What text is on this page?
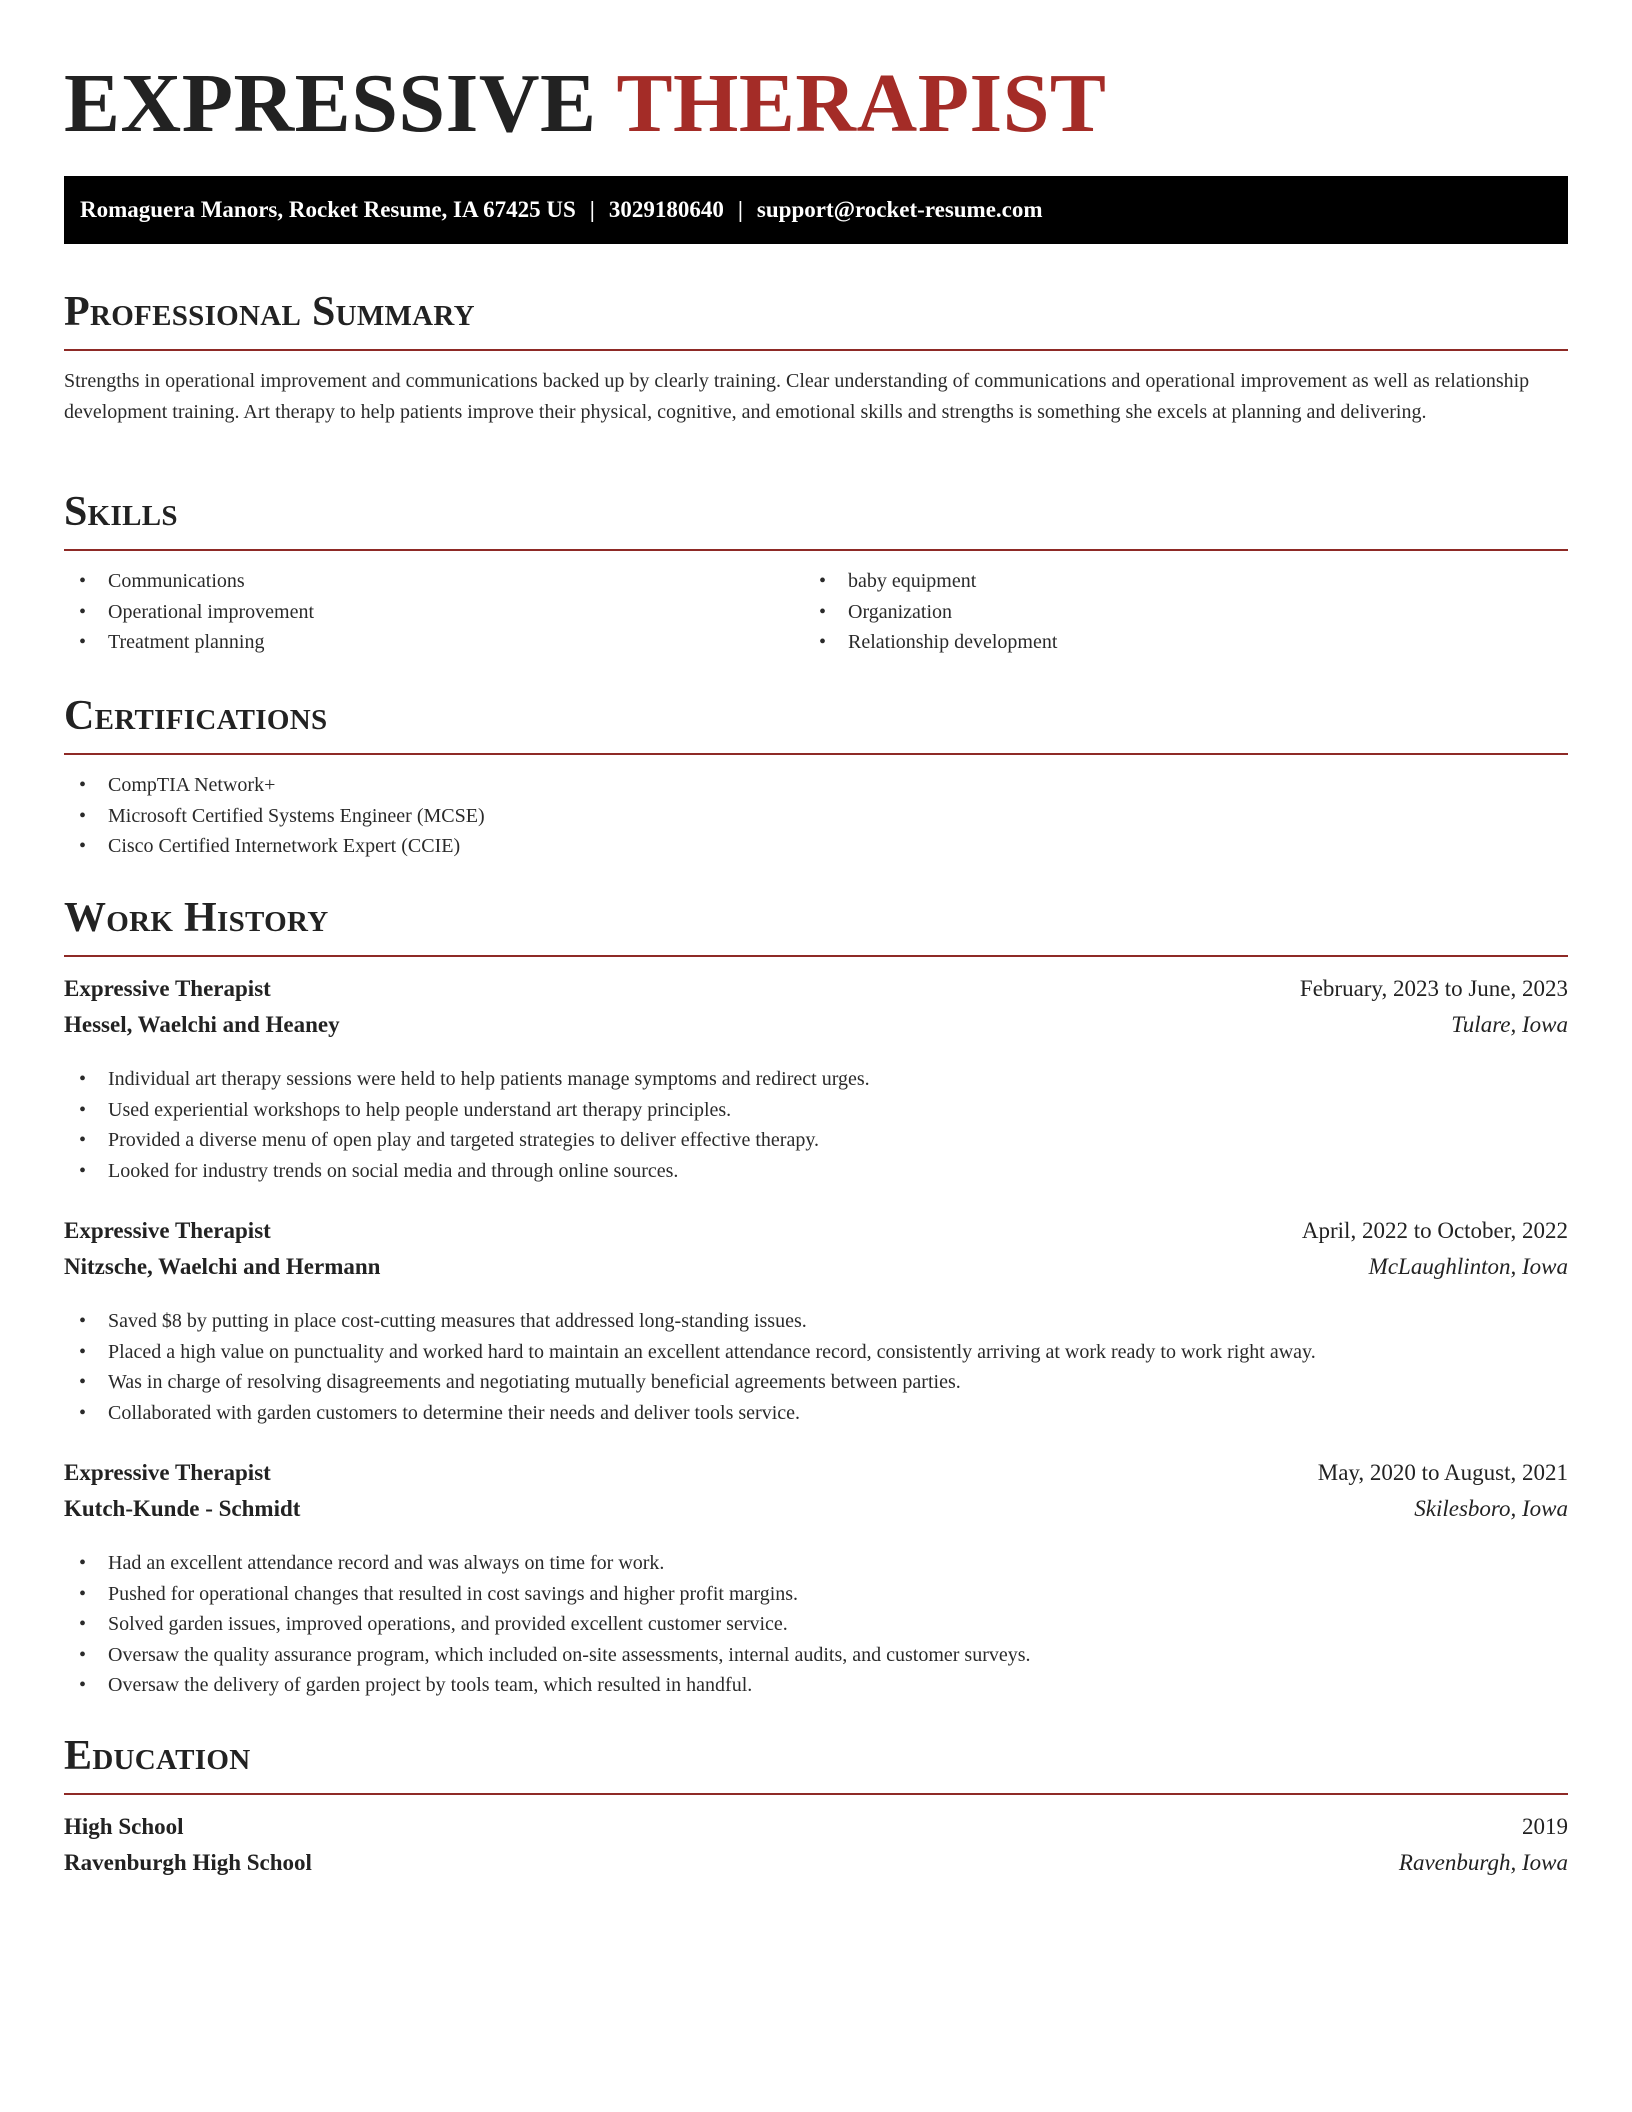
EXPRESSIVE THERAPIST
Romaguera Manors, Rocket Resume, IA 67425 US | 3029180640 | support@rocket-resume.com
Professional Summary
Strengths in operational improvement and communications backed up by clearly training. Clear understanding of communications and operational improvement as well as relationship development training. Art therapy to help patients improve their physical, cognitive, and emotional skills and strengths is something she excels at planning and delivering.
Skills
• Communications
• Operational improvement
• Treatment planning
• baby equipment
• Organization
• Relationship development
Certifications
• CompTIA Network+
• Microsoft Certified Systems Engineer (MCSE)
• Cisco Certified Internetwork Expert (CCIE)
Work History
Expressive Therapist	February, 2023 to June, 2023
Hessel, Waelchi and Heaney	Tulare, Iowa
• Individual art therapy sessions were held to help patients manage symptoms and redirect urges.
• Used experiential workshops to help people understand art therapy principles.
• Provided a diverse menu of open play and targeted strategies to deliver effective therapy.
• Looked for industry trends on social media and through online sources.
Expressive Therapist	April, 2022 to October, 2022
Nitzsche, Waelchi and Hermann	McLaughlinton, Iowa
• Saved $8 by putting in place cost-cutting measures that addressed long-standing issues.
• Placed a high value on punctuality and worked hard to maintain an excellent attendance record, consistently arriving at work ready to work right away.
• Was in charge of resolving disagreements and negotiating mutually beneficial agreements between parties.
• Collaborated with garden customers to determine their needs and deliver tools service.
Expressive Therapist	May, 2020 to August, 2021
Kutch-Kunde - Schmidt	Skilesboro, Iowa
• Had an excellent attendance record and was always on time for work.
• Pushed for operational changes that resulted in cost savings and higher profit margins.
• Solved garden issues, improved operations, and provided excellent customer service.
• Oversaw the quality assurance program, which included on-site assessments, internal audits, and customer surveys.
• Oversaw the delivery of garden project by tools team, which resulted in handful.
Education
High School	2019
Ravenburgh High School	Ravenburgh, Iowa
